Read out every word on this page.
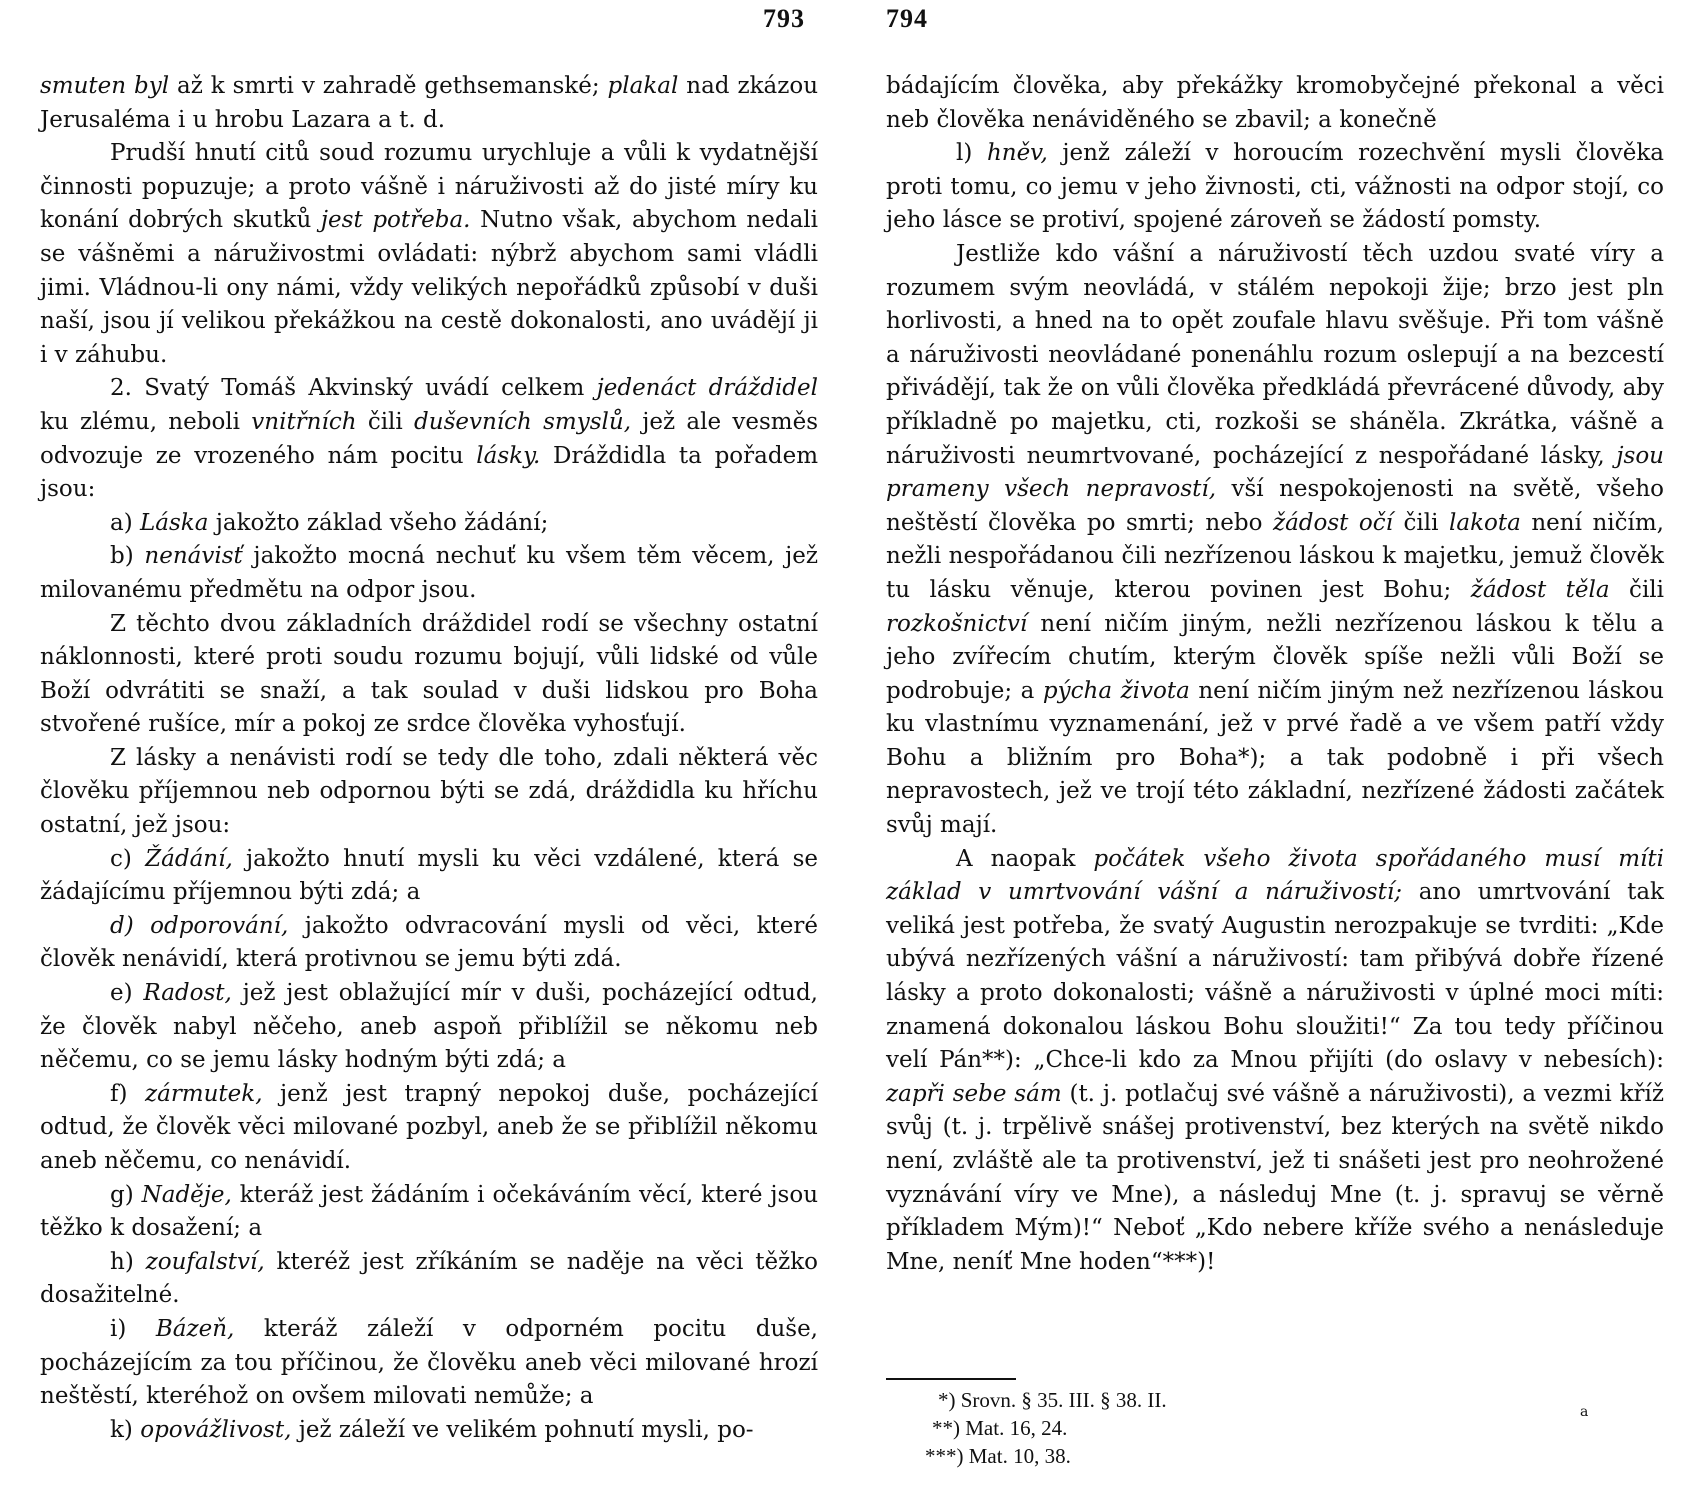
793	794

smuten byl až k smrti v zahradě gethsemanské; plakal nad zkázou Jerusaléma i u hrobu Lazara a t. d.

Prudší hnutí citů soud rozumu urychluje a vůli k vydatnější činnosti popuzuje; a proto vášně i náruživosti až do jisté míry ku konání dobrých skutků jest potřeba. Nutno však, abychom nedali se vášněmi a náruživostmi ovládati: nýbrž abychom sami vládli jimi. Vládnou-li ony námi, vždy velikých nepořádků způsobí v duši naší, jsou jí velikou překážkou na cestě dokonalosti, ano uvádějí ji i v záhubu.

2. Svatý Tomáš Akvinský uvádí celkem jedenáct dráždidel ku zlému, neboli vnitřních čili duševních smyslů, jež ale vesměs odvozuje ze vrozeného nám pocitu lásky. Dráždidla ta pořadem jsou:

a) Láska jakožto základ všeho žádání;

b) nenávisť jakožto mocná nechuť ku všem těm věcem, jež milovanému předmětu na odpor jsou.

Z těchto dvou základních dráždidel rodí se všechny ostatní náklonnosti, které proti soudu rozumu bojují, vůli lidské od vůle Boží odvrátiti se snaží, a tak soulad v duši lidskou pro Boha stvořené rušíce, mír a pokoj ze srdce člověka vyhosťují.

Z lásky a nenávisti rodí se tedy dle toho, zdali některá věc člověku příjemnou neb odpornou býti se zdá, dráždidla ku hříchu ostatní, jež jsou:

c) Žádání, jakožto hnutí mysli ku věci vzdálené, která se žádajícímu příjemnou býti zdá; a

d) odporování, jakožto odvracování mysli od věci, které člověk nenávidí, která protivnou se jemu býti zdá.

e) Radost, jež jest oblažující mír v duši, pocházející odtud, že člověk nabyl něčeho, aneb aspoň přiblížil se někomu neb něčemu, co se jemu lásky hodným býti zdá; a

f) zármutek, jenž jest trapný nepokoj duše, pocházející odtud, že člověk věci milované pozbyl, aneb že se přiblížil někomu aneb něčemu, co nenávidí.

g) Naděje, kteráž jest žádáním i očekáváním věcí, které jsou těžko k dosažení; a

h) zoufalství, kteréž jest zříkáním se naděje na věci těžko dosažitelné.

i) Bázeň, kteráž záleží v odporném pocitu duše, pocházejícím za tou příčinou, že člověku aneb věci milované hrozí neštěstí, kteréhož on ovšem milovati nemůže; a

k) opovážlivost, jež záleží ve velikém pohnutí mysli, po-

bádajícím člověka, aby překážky kromobyčejné překonal a věci neb člověka nenáviděného se zbavil; a konečně

l) hněv, jenž záleží v horoucím rozechvění mysli člověka proti tomu, co jemu v jeho živnosti, cti, vážnosti na odpor stojí, co jeho lásce se protiví, spojené zároveň se žádostí pomsty.

Jestliže kdo vášní a náruživostí těch uzdou svaté víry a rozumem svým neovládá, v stálém nepokoji žije; brzo jest pln horlivosti, a hned na to opět zoufale hlavu svěšuje. Při tom vášně a náruživosti neovládané ponenáhlu rozum oslepují a na bezcestí přivádějí, tak že on vůli člověka předkládá převrácené důvody, aby příkladně po majetku, cti, rozkoši se sháněla. Zkrátka, vášně a náruživosti neumrtvované, pocházející z nespořádané lásky, jsou prameny všech nepravostí, vší nespokojenosti na světě, všeho neštěstí člověka po smrti; nebo žádost očí čili lakota není ničím, nežli nespořádanou čili nezřízenou láskou k majetku, jemuž člověk tu lásku věnuje, kterou povinen jest Bohu; žádost těla čili rozkošnictví není ničím jiným, nežli nezřízenou láskou k tělu a jeho zvířecím chutím, kterým člověk spíše nežli vůli Boží se podrobuje; a pýcha života není ničím jiným než nezřízenou láskou ku vlastnímu vyznamenání, jež v prvé řadě a ve všem patří vždy Bohu a bližním pro Boha*); a tak podobně i při všech nepravostech, jež ve trojí této základní, nezřízené žádosti začátek svůj mají.

A naopak počátek všeho života spořádaného musí míti základ v umrtvování vášní a náruživostí; ano umrtvování tak veliká jest potřeba, že svatý Augustin nerozpakuje se tvrditi: „Kde ubývá nezřízených vášní a náruživostí: tam přibývá dobře řízené lásky a proto dokonalosti; vášně a náruživosti v úplné moci míti: znamená dokonalou láskou Bohu sloužiti!“ Za tou tedy příčinou velí Pán**): „Chce-li kdo za Mnou přijíti (do oslavy v nebesích): zapři sebe sám (t. j. potlačuj své vášně a náruživosti), a vezmi kříž svůj (t. j. trpělivě snášej protivenství, bez kterých na světě nikdo není, zvláště ale ta protivenství, jež ti snášeti jest pro neohrožené vyznávání víry ve Mne), a následuj Mne (t. j. spravuj se věrně příkladem Mým)!“ Neboť „Kdo nebere kříže svého a nenásleduje Mne, neníť Mne hoden“***)!

*) Srovn. § 35. III. § 38. II.
**) Mat. 16, 24.
***) Mat. 10, 38.
a
